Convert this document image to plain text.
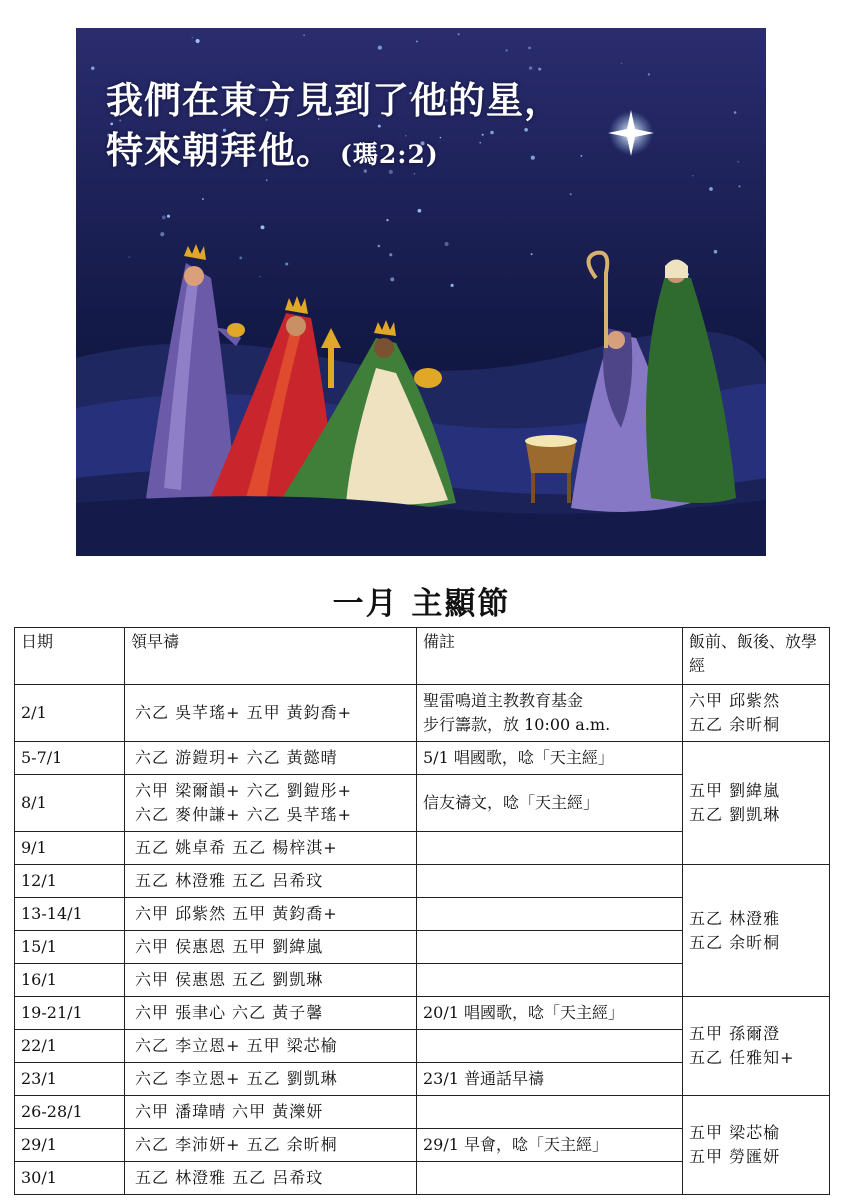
我們在東方見到了他的星，
特來朝拜他。 (瑪2:2)
一月 主顯節
日期	領早禱	備註	飯前、飯後、放學經
2/1	六乙 吳芊瑤+ 五甲 黃鈞喬+	聖雷鳴道主教教育基金
步行籌款，放 10:00 a.m.	六甲 邱紫然
五乙 余昕桐

5-7/1	六乙 游鎧玥+ 六乙 黃懿晴	5/1 唱國歌，唸「天主經」	五甲 劉緯嵐
五乙 劉凱琳

8/1	六甲 梁爾韻+ 六乙 劉鎧彤+
六乙 麥仲謙+ 六乙 吳芊瑤+	信友禱文，唸「天主經」	
9/1	五乙 姚卓希 五乙 楊梓淇+		
12/1	五乙 林澄雅 五乙 呂希玟		五乙 林澄雅
五乙 余昕桐

13-14/1	六甲 邱紫然 五甲 黃鈞喬+		
15/1	六甲 侯惠恩 五甲 劉緯嵐		
16/1	六甲 侯惠恩 五乙 劉凱琳		
19-21/1	六甲 張聿心 六乙 黃子馨	20/1 唱國歌，唸「天主經」	五甲 孫爾澄
五乙 任雅知+

22/1	六乙 李立恩+ 五甲 梁芯榆		
23/1	六乙 李立恩+ 五乙 劉凱琳	23/1 普通話早禱	
26-28/1	六甲 潘瑋晴 六甲 黃濼妍		五甲 梁芯榆
五甲 勞匯妍

29/1	六乙 李沛妍+ 五乙 余昕桐	29/1 早會，唸「天主經」	
30/1	五乙 林澄雅 五乙 呂希玟		
